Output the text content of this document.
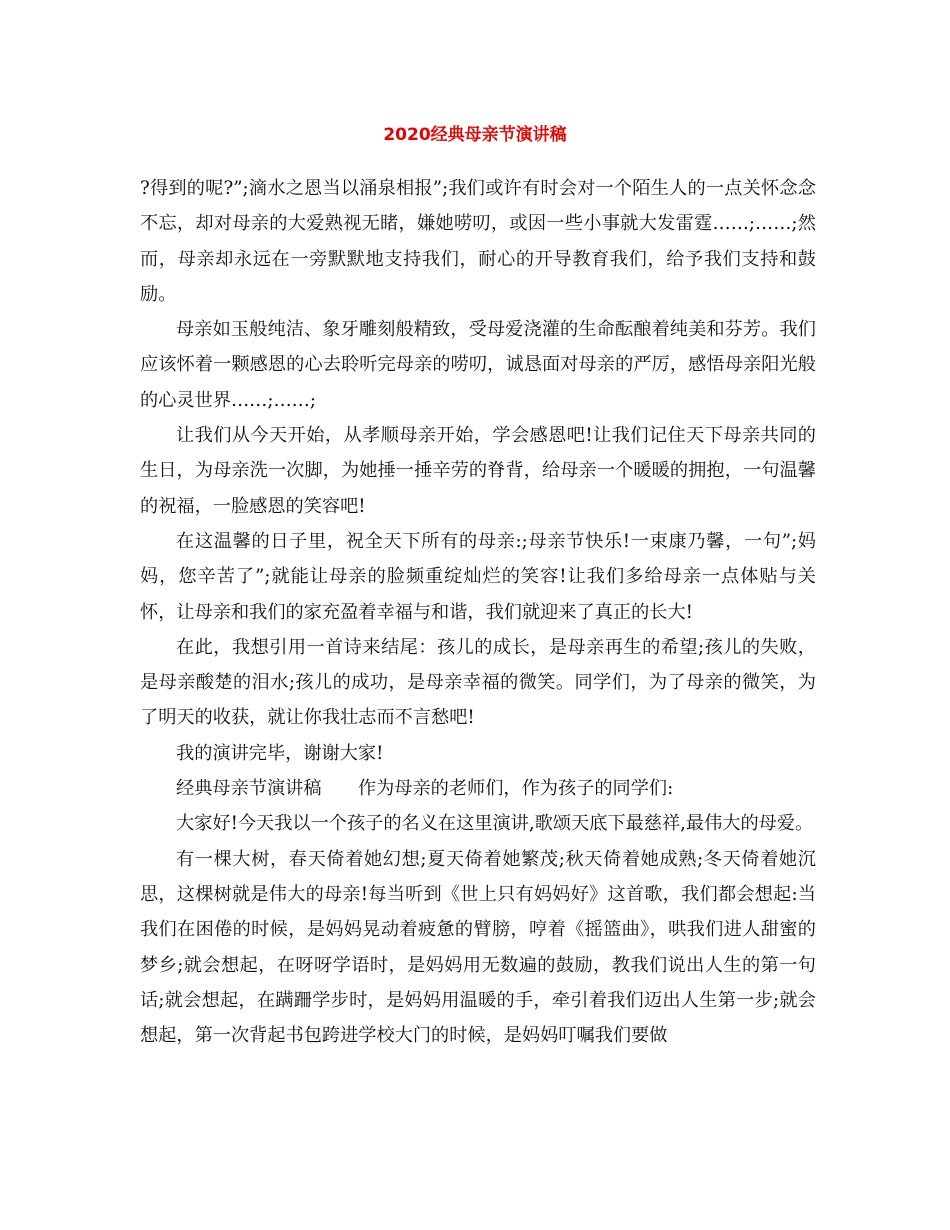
2020经典母亲节演讲稿

?得到的呢?”;滴水之恩当以涌泉相报”;我们或许有时会对一个陌生人的一点关怀念念不忘，却对母亲的大爱熟视无睹，嫌她唠叨，或因一些小事就大发雷霆……;……;然而，母亲却永远在一旁默默地支持我们，耐心的开导教育我们，给予我们支持和鼓励。

母亲如玉般纯洁、象牙雕刻般精致，受母爱浇灌的生命酝酿着纯美和芬芳。我们应该怀着一颗感恩的心去聆听完母亲的唠叨，诚恳面对母亲的严厉，感悟母亲阳光般的心灵世界……;……;

让我们从今天开始，从孝顺母亲开始，学会感恩吧!让我们记住天下母亲共同的生日，为母亲洗一次脚，为她捶一捶辛劳的脊背，给母亲一个暖暖的拥抱，一句温馨的祝福，一脸感恩的笑容吧!

在这温馨的日子里，祝全天下所有的母亲:;母亲节快乐!一束康乃馨，一句”;妈妈，您辛苦了”;就能让母亲的脸频重绽灿烂的笑容!让我们多给母亲一点体贴与关怀，让母亲和我们的家充盈着幸福与和谐，我们就迎来了真正的长大!

在此，我想引用一首诗来结尾：孩儿的成长，是母亲再生的希望;孩儿的失败，是母亲酸楚的泪水;孩儿的成功，是母亲幸福的微笑。同学们，为了母亲的微笑，为了明天的收获，就让你我壮志而不言愁吧!

我的演讲完毕，谢谢大家!

经典母亲节演讲稿　　作为母亲的老师们，作为孩子的同学们:

大家好!今天我以一个孩子的名义在这里演讲,歌颂天底下最慈祥,最伟大的母爱。

有一棵大树，春天倚着她幻想;夏天倚着她繁茂;秋天倚着她成熟;冬天倚着她沉思，这棵树就是伟大的母亲!每当听到《世上只有妈妈好》这首歌，我们都会想起:当我们在困倦的时候，是妈妈晃动着疲惫的臂膀，哼着《摇篮曲》，哄我们进人甜蜜的梦乡;就会想起，在呀呀学语时，是妈妈用无数遍的鼓励，教我们说出人生的第一句话;就会想起，在蹒跚学步时，是妈妈用温暖的手，牵引着我们迈出人生第一步;就会想起，第一次背起书包跨进学校大门的时候，是妈妈叮嘱我们要做
